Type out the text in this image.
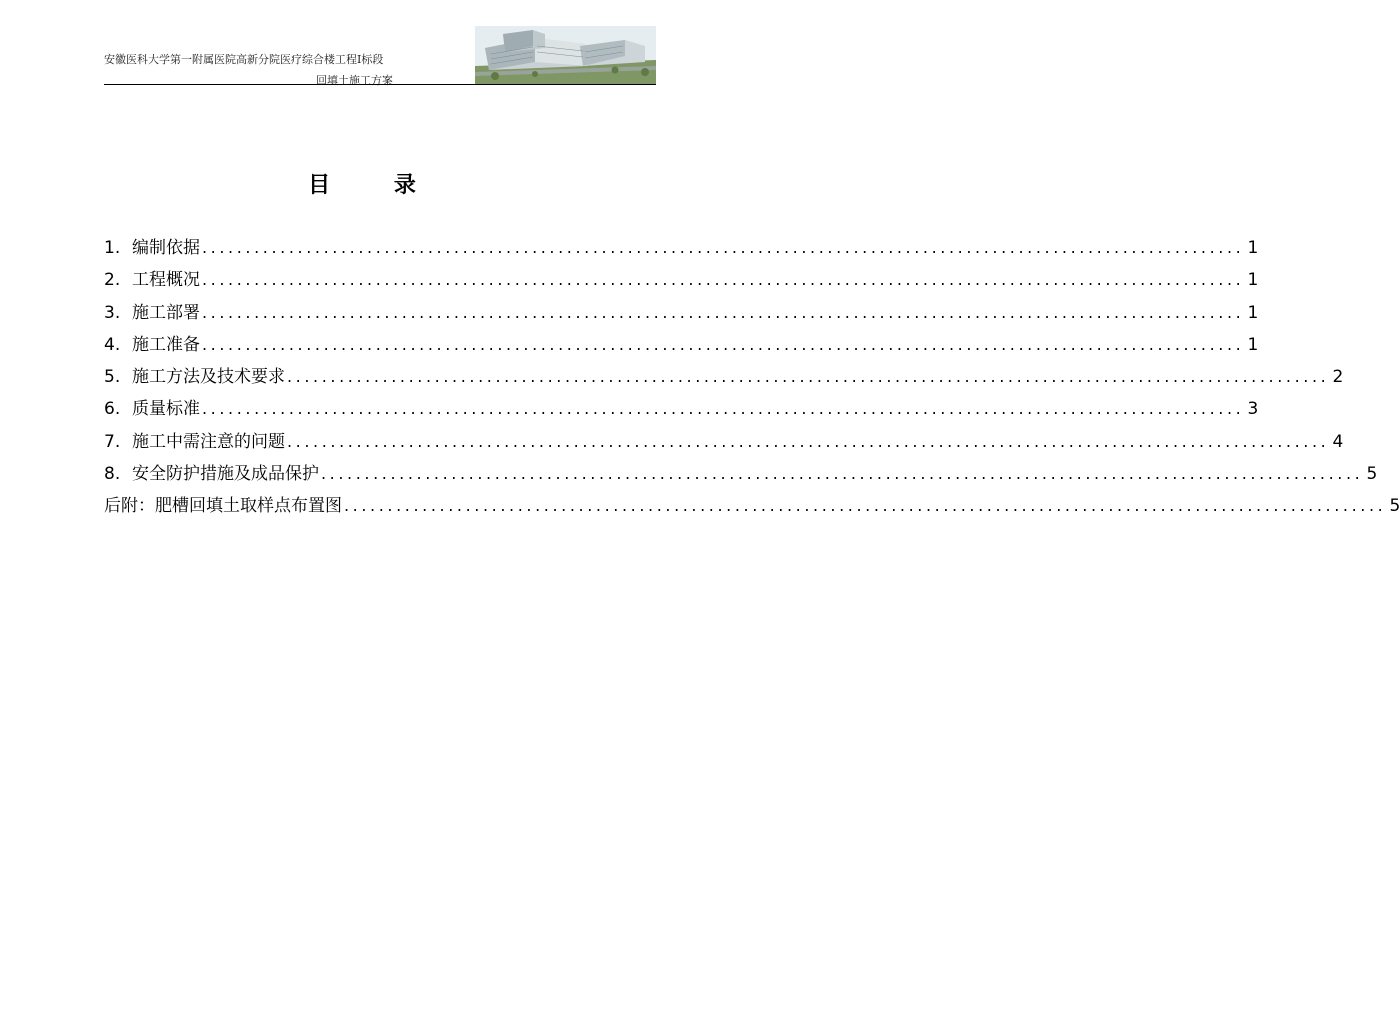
安徽医科大学第一附属医院高新分院医疗综合楼工程Ⅰ标段
回填土施工方案
目 录
1. 编制依据 ........................................................................................................................ 1
2. 工程概况 ........................................................................................................................ 1
3. 施工部署 ........................................................................................................................ 1
4. 施工准备 ........................................................................................................................ 1
5. 施工方法及技术要求 ........................................................................................................................ 2
6. 质量标准 ........................................................................................................................ 3
7. 施工中需注意的问题 ........................................................................................................................ 4
8. 安全防护措施及成品保护 ........................................................................................................................ 5
后附：肥槽回填土取样点布置图 ........................................................................................................................ 5
